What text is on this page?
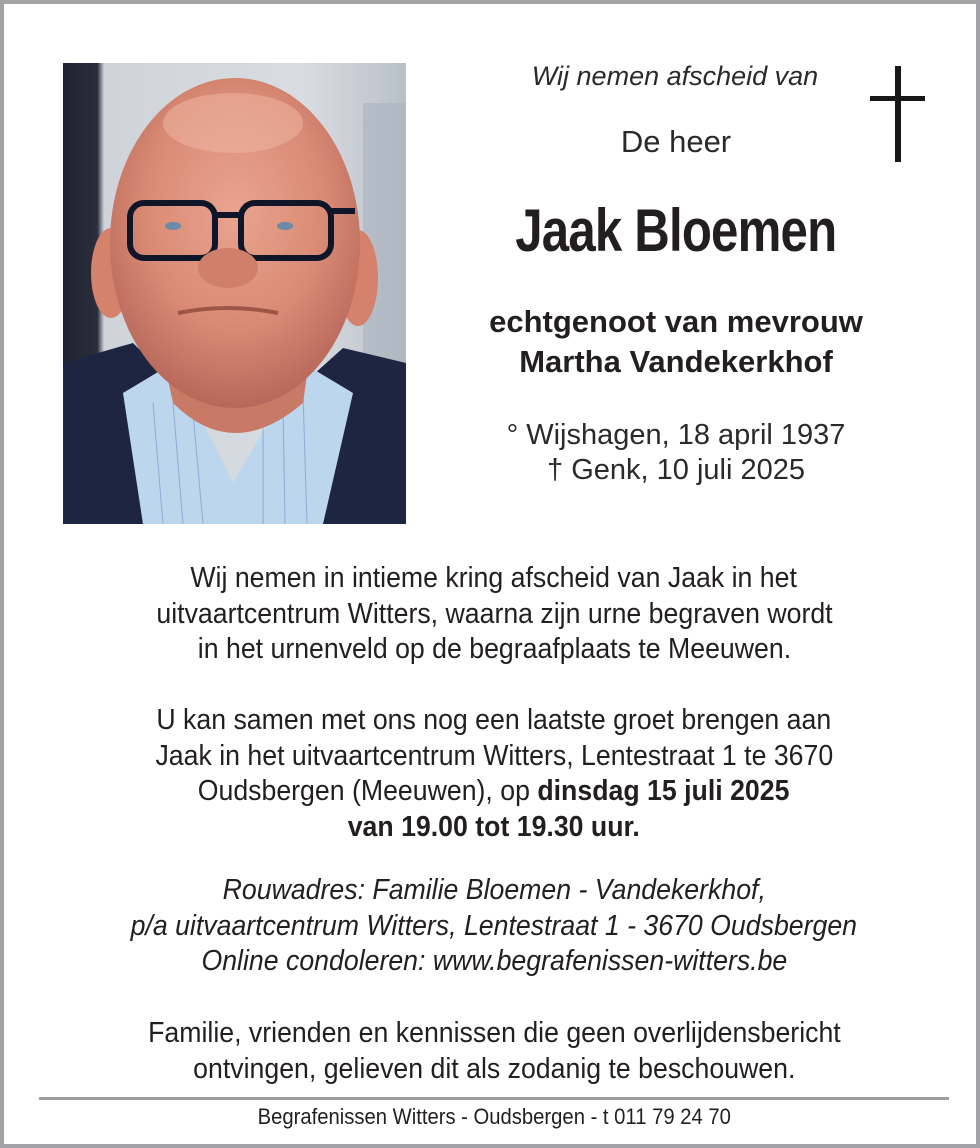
Wij nemen afscheid van
De heer
Jaak Bloemen
echtgenoot van mevrouw
Martha Vandekerkhof
° Wijshagen, 18 april 1937
† Genk, 10 juli 2025
Wij nemen in intieme kring afscheid van Jaak in het
uitvaartcentrum Witters, waarna zijn urne begraven wordt
in het urnenveld op de begraafplaats te Meeuwen.
U kan samen met ons nog een laatste groet brengen aan
Jaak in het uitvaartcentrum Witters, Lentestraat 1 te 3670
Oudsbergen (Meeuwen), op dinsdag 15 juli 2025
van 19.00 tot 19.30 uur.
Rouwadres: Familie Bloemen - Vandekerkhof,
p/a uitvaartcentrum Witters, Lentestraat 1 - 3670 Oudsbergen
Online condoleren: www.begrafenissen-witters.be
Familie, vrienden en kennissen die geen overlijdensbericht
ontvingen, gelieven dit als zodanig te beschouwen.
Begrafenissen Witters - Oudsbergen - t 011 79 24 70
